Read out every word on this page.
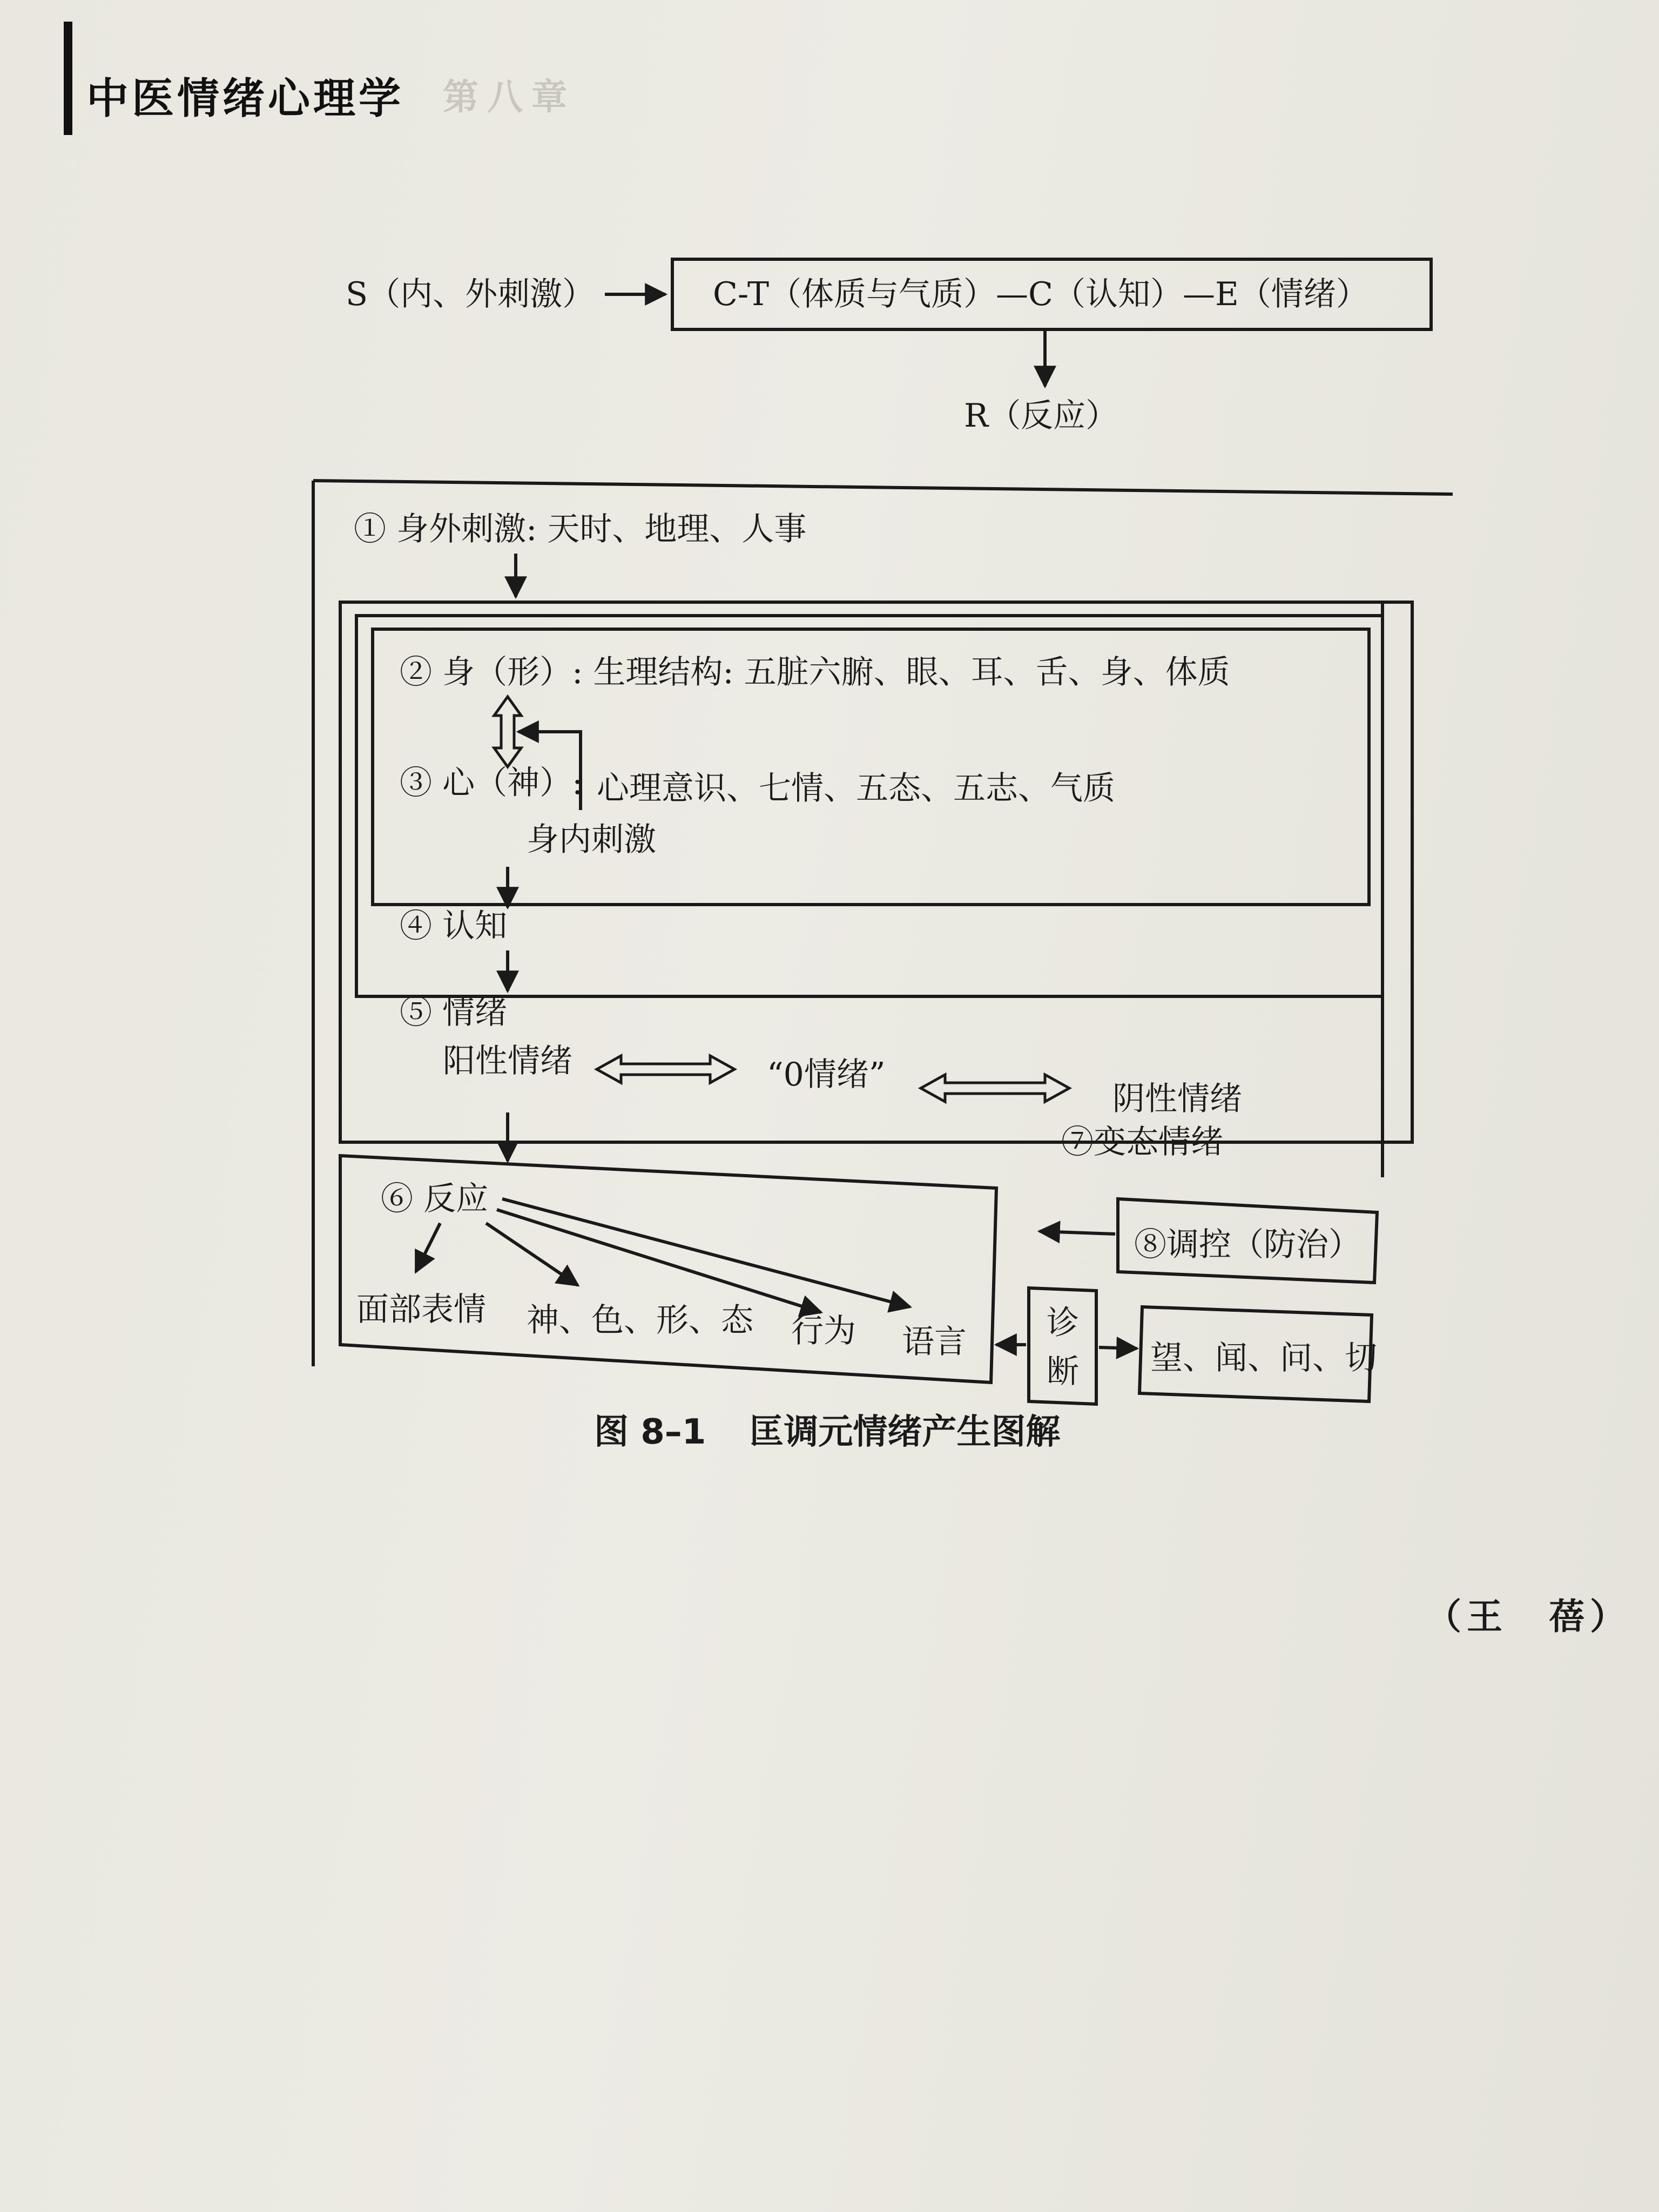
中医情绪心理学 第八章
S（内、外刺激）	C-T（体质与气质）—C（认知）—E（情绪）
R（反应）
① 身外刺激: 天时、地理、人事
② 身（形）: 生理结构: 五脏六腑、眼、耳、舌、身、体质
③ 心（神）: 心理意识、七情、五态、五志、气质
身内刺激
④ 认知
⑤ 情绪
阳性情绪	“0情绪”
阴性情绪
⑦变态情绪
⑥ 反应
面部表情 神、色、形、态 行为 语言
⑧调控（防治）
诊 断	望、闻、问、切
图 8–1 匡调元情绪产生图解
（王　蓓）
